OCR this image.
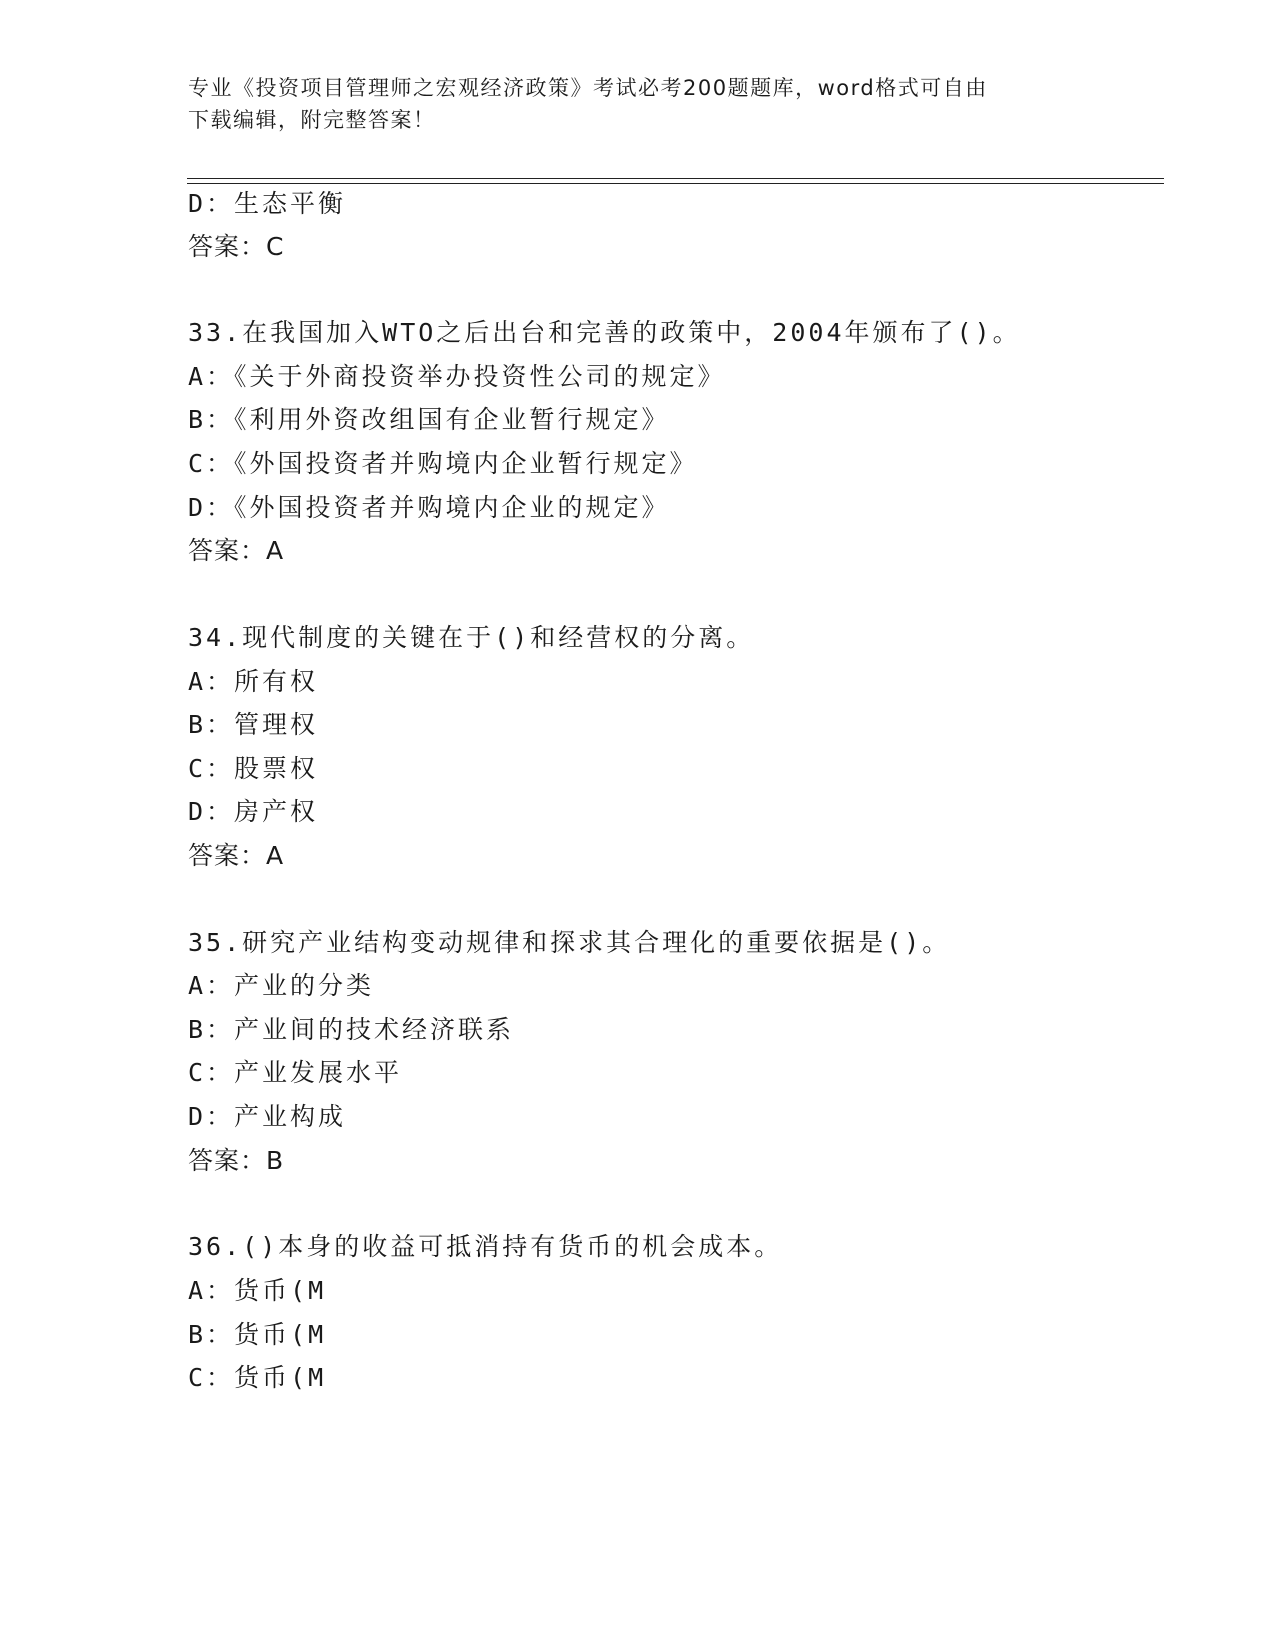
专业《投资项目管理师之宏观经济政策》考试必考200题题库，word格式可自由
下载编辑，附完整答案！
D：生态平衡
答案：C
33.在我国加入WTO之后出台和完善的政策中，2004年颁布了()。
A：《关于外商投资举办投资性公司的规定》
B：《利用外资改组国有企业暂行规定》
C：《外国投资者并购境内企业暂行规定》
D：《外国投资者并购境内企业的规定》
答案：A
34.现代制度的关键在于()和经营权的分离。
A：所有权
B：管理权
C：股票权
D：房产权
答案：A
35.研究产业结构变动规律和探求其合理化的重要依据是()。
A：产业的分类
B：产业间的技术经济联系
C：产业发展水平
D：产业构成
答案：B
36.()本身的收益可抵消持有货币的机会成本。
A：货币(M
B：货币(M
C：货币(M
